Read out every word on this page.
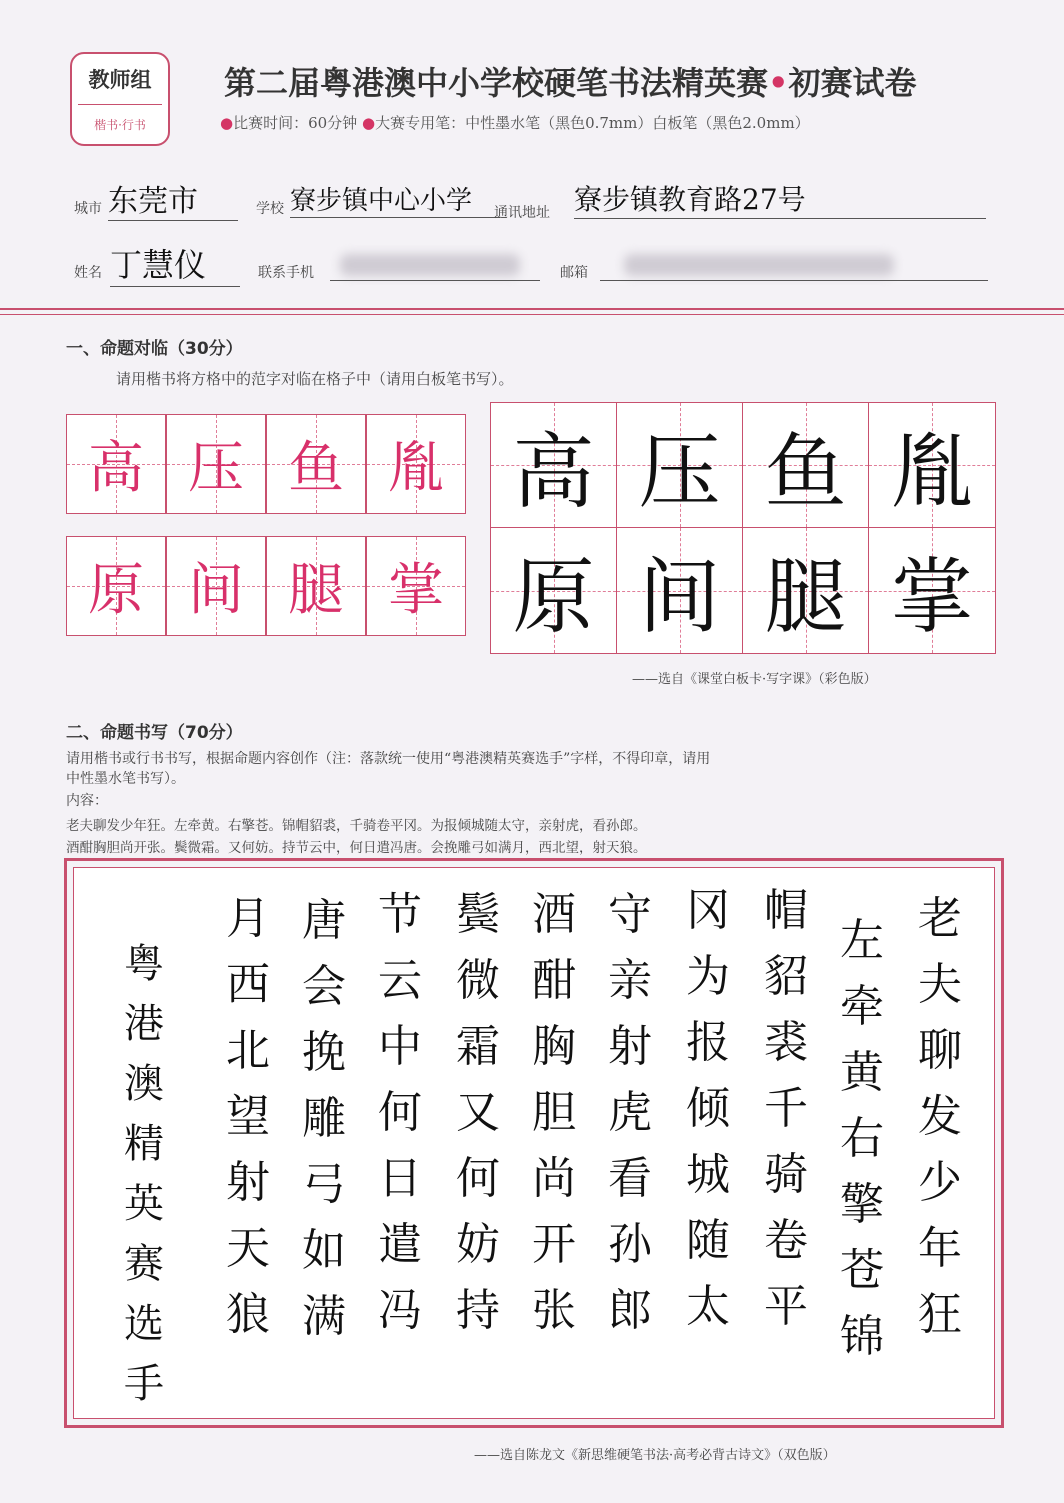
教师组
楷书·行书
第二届粤港澳中小学校硬笔书法精英赛•初赛试卷
●比赛时间：60分钟 ●大赛专用笔：中性墨水笔（黑色0.7mm）白板笔（黑色2.0mm）
城市 东莞市	学校 寮步镇中心小学	通讯地址 寮步镇教育路27号
姓名 丁慧仪	联系手机	邮箱
一、命题对临（30分）
请用楷书将方格中的范字对临在格子中（请用白板笔书写）。
高 压 鱼 胤
原 间 腿 掌
高 压 鱼 胤
原 间 腿 掌
——选自《课堂白板卡·写字课》（彩色版）
二、命题书写（70分）
请用楷书或行书书写，根据命题内容创作（注：落款统一使用“粤港澳精英赛选手”字样，不得印章，请用
中性墨水笔书写）。
内容：
老夫聊发少年狂。左牵黄。右擎苍。锦帽貂裘，千骑卷平冈。为报倾城随太守，亲射虎，看孙郎。
酒酣胸胆尚开张。鬓微霜。又何妨。持节云中，何日遣冯唐。会挽雕弓如满月，西北望，射天狼。
老
夫
聊
发
少
年
狂
左
牵
黄
右
擎
苍
锦
帽
貂
裘
千
骑
卷
平
冈
为
报
倾
城
随
太
守
亲
射
虎
看
孙
郎
酒
酣
胸
胆
尚
开
张
鬓
微
霜
又
何
妨
持
节
云
中
何
日
遣
冯
唐
会
挽
雕
弓
如
满
月
西
北
望
射
天
狼
粤
港
澳
精
英
赛
选
手
——选自陈龙文《新思维硬笔书法·高考必背古诗文》（双色版）
